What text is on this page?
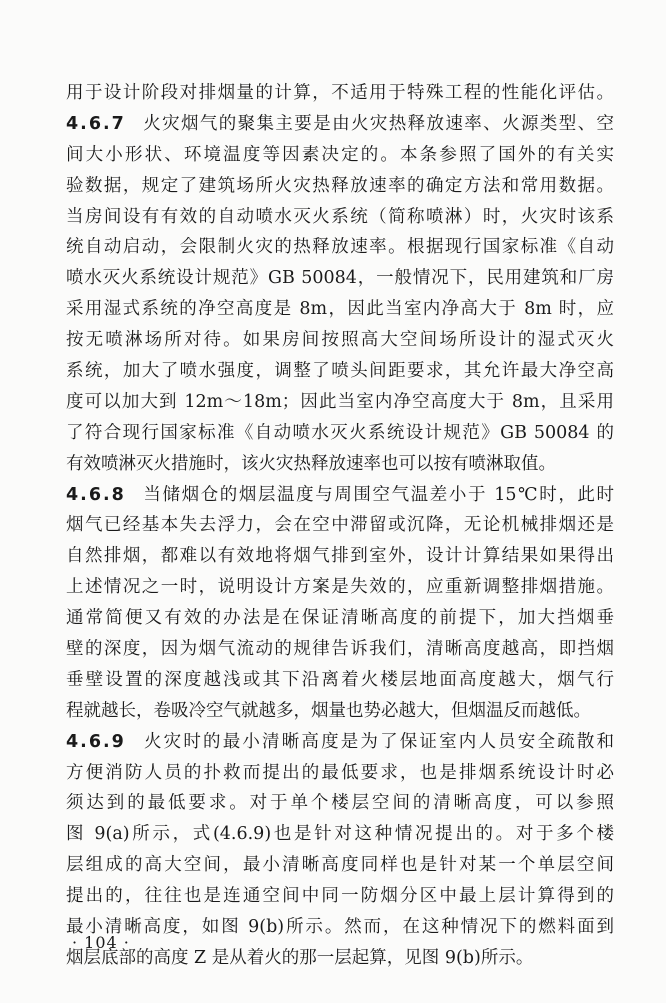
用于设计阶段对排烟量的计算，不适用于特殊工程的性能化评估。
4.6.7 火灾烟气的聚集主要是由火灾热释放速率、火源类型、空
间大小形状、环境温度等因素决定的。本条参照了国外的有关实
验数据，规定了建筑场所火灾热释放速率的确定方法和常用数据。
当房间设有有效的自动喷水灭火系统（简称喷淋）时，火灾时该系
统自动启动，会限制火灾的热释放速率。根据现行国家标准《自动
喷水灭火系统设计规范》GB 50084，一般情况下，民用建筑和厂房
采用湿式系统的净空高度是 8m，因此当室内净高大于 8m 时，应
按无喷淋场所对待。如果房间按照高大空间场所设计的湿式灭火
系统，加大了喷水强度，调整了喷头间距要求，其允许最大净空高
度可以加大到 12m～18m；因此当室内净空高度大于 8m，且采用
了符合现行国家标准《自动喷水灭火系统设计规范》GB 50084 的
有效喷淋灭火措施时，该火灾热释放速率也可以按有喷淋取值。
4.6.8 当储烟仓的烟层温度与周围空气温差小于 15℃时，此时
烟气已经基本失去浮力，会在空中滞留或沉降，无论机械排烟还是
自然排烟，都难以有效地将烟气排到室外，设计计算结果如果得出
上述情况之一时，说明设计方案是失效的，应重新调整排烟措施。
通常简便又有效的办法是在保证清晰高度的前提下，加大挡烟垂
壁的深度，因为烟气流动的规律告诉我们，清晰高度越高，即挡烟
垂壁设置的深度越浅或其下沿离着火楼层地面高度越大，烟气行
程就越长，卷吸冷空气就越多，烟量也势必越大，但烟温反而越低。
4.6.9 火灾时的最小清晰高度是为了保证室内人员安全疏散和
方便消防人员的扑救而提出的最低要求，也是排烟系统设计时必
须达到的最低要求。对于单个楼层空间的清晰高度，可以参照
图 9(a)所示，式(4.6.9)也是针对这种情况提出的。对于多个楼
层组成的高大空间，最小清晰高度同样也是针对某一个单层空间
提出的，往往也是连通空间中同一防烟分区中最上层计算得到的
最小清晰高度，如图 9(b)所示。然而，在这种情况下的燃料面到
烟层底部的高度 Z 是从着火的那一层起算，见图 9(b)所示。
· 104 ·
